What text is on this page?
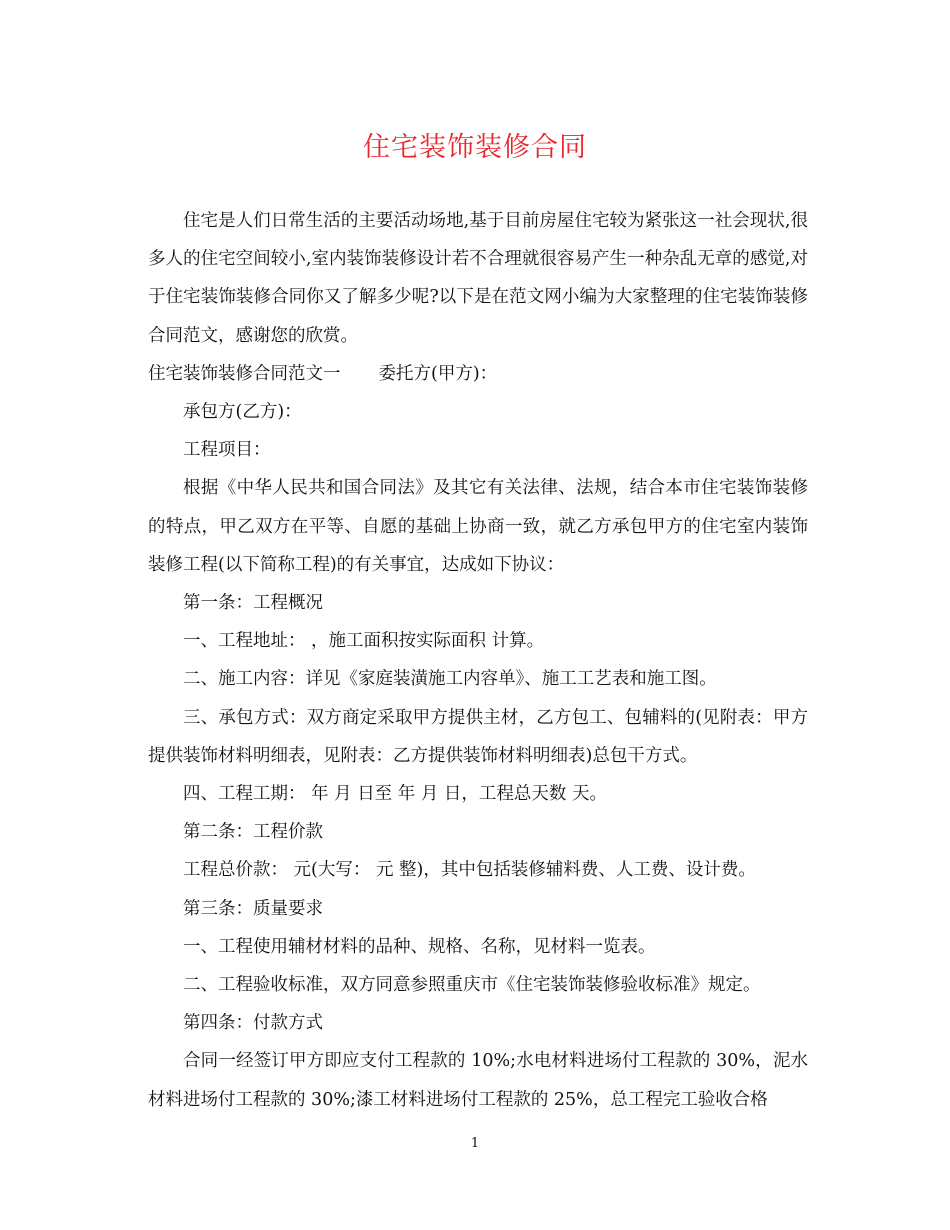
住宅装饰装修合同

住宅是人们日常生活的主要活动场地,基于目前房屋住宅较为紧张这一社会现状,很多人的住宅空间较小,室内装饰装修设计若不合理就很容易产生一种杂乱无章的感觉,对于住宅装饰装修合同你又了解多少呢?以下是在范文网小编为大家整理的住宅装饰装修合同范文，感谢您的欣赏。

住宅装饰装修合同范文一 委托方(甲方)：

承包方(乙方)：

工程项目：

根据《中华人民共和国合同法》及其它有关法律、法规，结合本市住宅装饰装修的特点，甲乙双方在平等、自愿的基础上协商一致，就乙方承包甲方的住宅室内装饰装修工程(以下简称工程)的有关事宜，达成如下协议：

第一条：工程概况

一、工程地址： ，施工面积按实际面积 计算。

二、施工内容：详见《家庭装潢施工内容单》、施工工艺表和施工图。

三、承包方式：双方商定采取甲方提供主材，乙方包工、包辅料的(见附表：甲方提供装饰材料明细表，见附表：乙方提供装饰材料明细表)总包干方式。

四、工程工期： 年 月 日至 年 月 日，工程总天数 天。

第二条：工程价款

工程总价款： 元(大写： 元 整)，其中包括装修辅料费、人工费、设计费。

第三条：质量要求

一、工程使用辅材材料的品种、规格、名称，见材料一览表。

二、工程验收标准，双方同意参照重庆市《住宅装饰装修验收标准》规定。

第四条：付款方式

合同一经签订甲方即应支付工程款的 10%;水电材料进场付工程款的 30%，泥水材料进场付工程款的 30%;漆工材料进场付工程款的 25%，总工程完工验收合格

1
